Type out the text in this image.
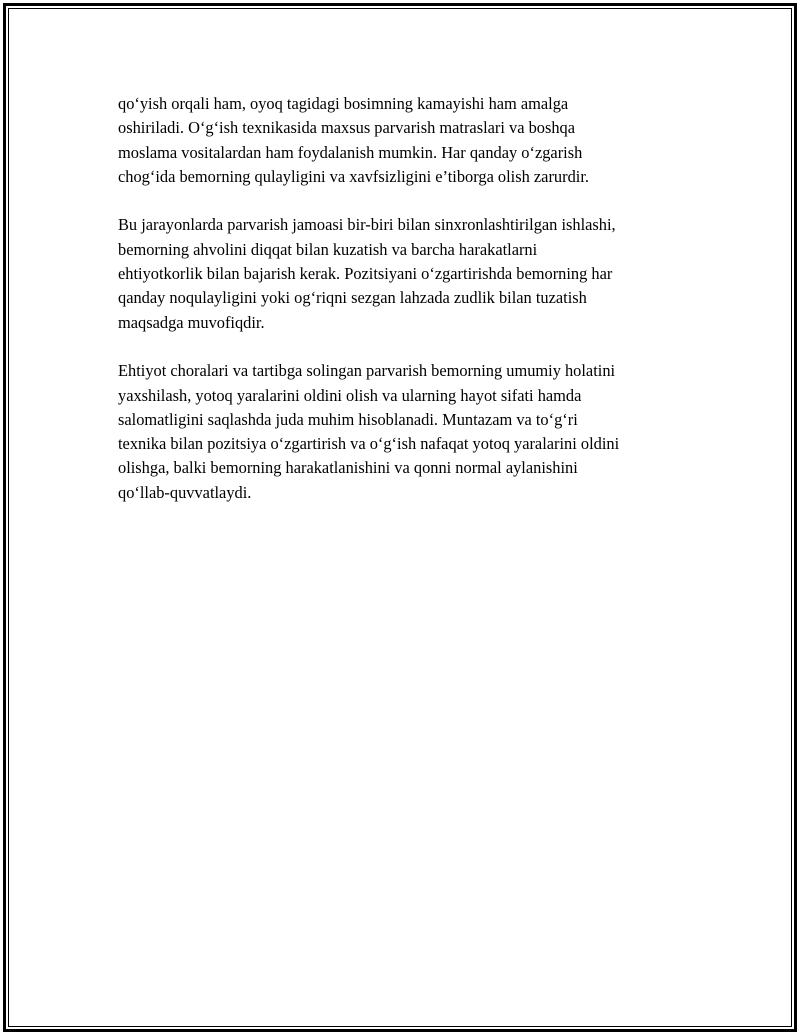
qo‘yish orqali ham, oyoq tagidagi bosimning kamayishi ham amalga
oshiriladi. O‘g‘ish texnikasida maxsus parvarish matraslari va boshqa
moslama vositalardan ham foydalanish mumkin. Har qanday o‘zgarish
chog‘ida bemorning qulayligini va xavfsizligini e’tiborga olish zarurdir.

Bu jarayonlarda parvarish jamoasi bir-biri bilan sinxronlashtirilgan ishlashi,
bemorning ahvolini diqqat bilan kuzatish va barcha harakatlarni
ehtiyotkorlik bilan bajarish kerak. Pozitsiyani o‘zgartirishda bemorning har
qanday noqulayligini yoki og‘riqni sezgan lahzada zudlik bilan tuzatish
maqsadga muvofiqdir.

Ehtiyot choralari va tartibga solingan parvarish bemorning umumiy holatini
yaxshilash, yotoq yaralarini oldini olish va ularning hayot sifati hamda
salomatligini saqlashda juda muhim hisoblanadi. Muntazam va to‘g‘ri
texnika bilan pozitsiya o‘zgartirish va o‘g‘ish nafaqat yotoq yaralarini oldini
olishga, balki bemorning harakatlanishini va qonni normal aylanishini
qo‘llab-quvvatlaydi.
